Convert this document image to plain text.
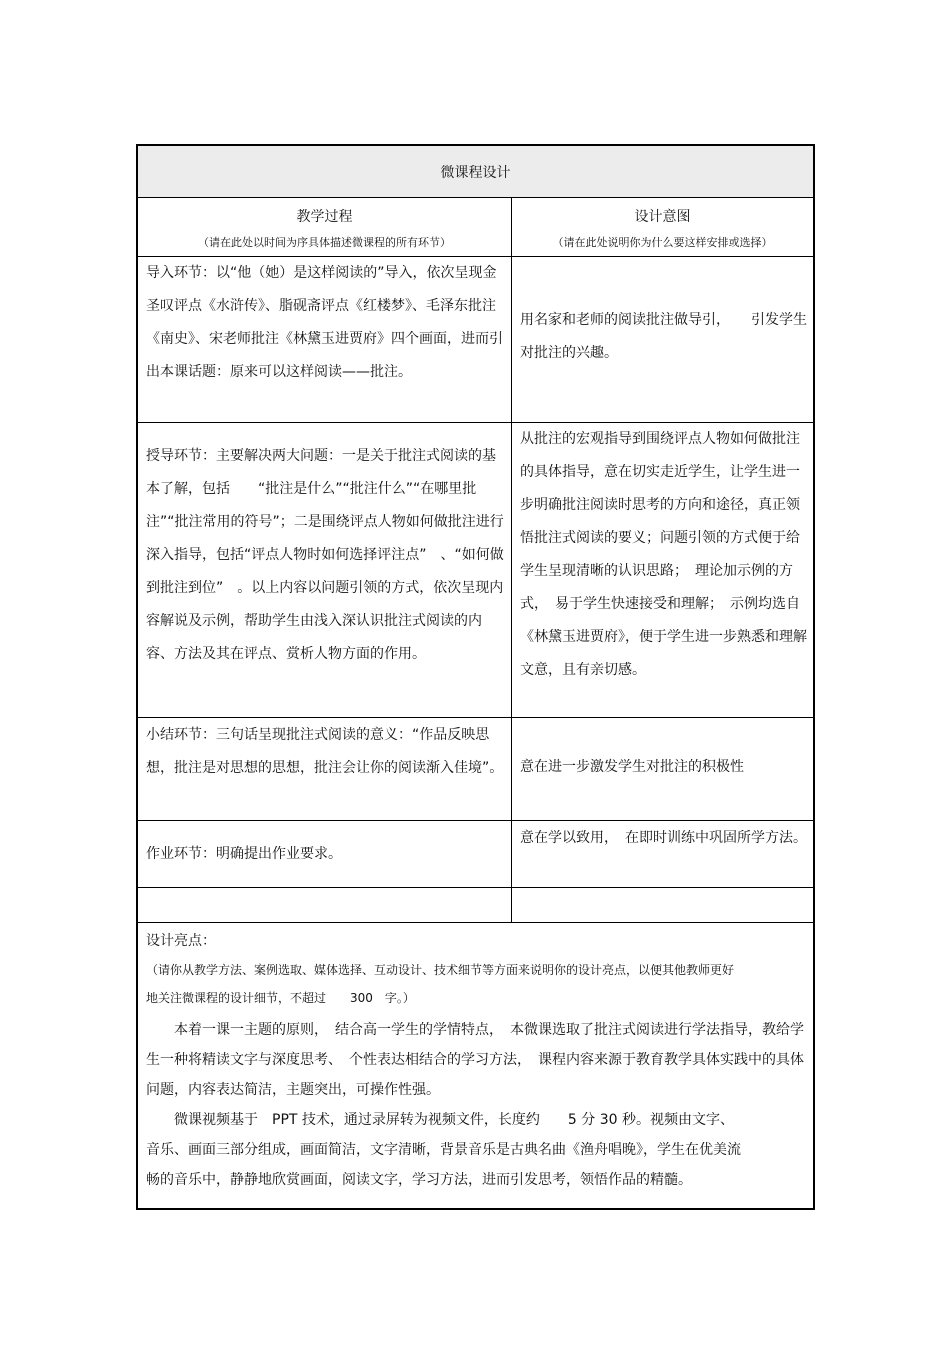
微课程设计
教学过程
（请在此处以时间为序具体描述微课程的所有环节）
设计意图
（请在此处说明你为什么要这样安排或选择）
导入环节：以“他（她）是这样阅读的”导入，依次呈现金圣叹评点《水浒传》、脂砚斋评点《红楼梦》、毛泽东批注《南史》、宋老师批注《林黛玉进贾府》四个画面，进而引出本课话题：原来可以这样阅读——批注。
用名家和老师的阅读批注做导引，　　引发学生对批注的兴趣。
授导环节：主要解决两大问题：一是关于批注式阅读的基本了解，包括　　“批注是什么”“批注什么”“在哪里批注”“批注常用的符号”；二是围绕评点人物如何做批注进行深入指导，包括“评点人物时如何选择评注点”　、“如何做到批注到位”　。以上内容以问题引领的方式，依次呈现内容解说及示例，帮助学生由浅入深认识批注式阅读的内容、方法及其在评点、赏析人物方面的作用。
从批注的宏观指导到围绕评点人物如何做批注的具体指导，意在切实走近学生，让学生进一步明确批注阅读时思考的方向和途径，真正领悟批注式阅读的要义；问题引领的方式便于给学生呈现清晰的认识思路；　理论加示例的方式，　易于学生快速接受和理解；　示例均选自《林黛玉进贾府》，便于学生进一步熟悉和理解文意，且有亲切感。
小结环节：三句话呈现批注式阅读的意义：“作品反映思想，批注是对思想的思想，批注会让你的阅读渐入佳境”。 意在进一步激发学生对批注的积极性
作业环节：明确提出作业要求。
意在学以致用，　在即时训练中巩固所学方法。
设计亮点：
（请你从教学方法、案例选取、媒体选择、互动设计、技术细节等方面来说明你的设计亮点，以便其他教师更好地关注微课程的设计细节，不超过　　300　字。）
本着一课一主题的原则，　结合高一学生的学情特点，　本微课选取了批注式阅读进行学法指导，教给学生一种将精读文字与深度思考、　个性表达相结合的学习方法，　课程内容来源于教育教学具体实践中的具体问题，内容表达简洁，主题突出，可操作性强。
微课视频基于　PPT 技术，通过录屏转为视频文件，长度约　　5 分 30 秒。视频由文字、音乐、画面三部分组成，画面简洁，文字清晰，背景音乐是古典名曲《渔舟唱晚》，学生在优美流畅的音乐中，静静地欣赏画面，阅读文字，学习方法，进而引发思考，领悟作品的精髓。
